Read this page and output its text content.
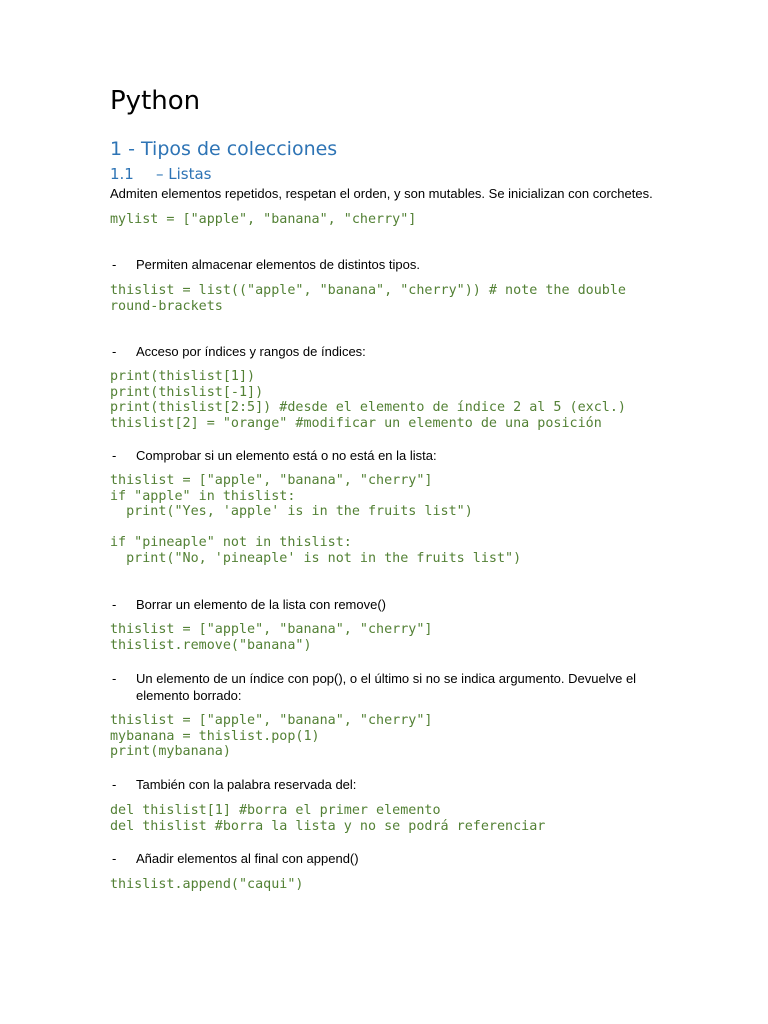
Python
1 - Tipos de colecciones
1.1 – Listas

Admiten elementos repetidos, respetan el orden, y son mutables. Se inicializan con corchetes.

mylist = ["apple", "banana", "cherry"]
- Permiten almacenar elementos de distintos tipos.
thislist = list(("apple", "banana", "cherry")) # note the double
round-brackets
- Acceso por índices y rangos de índices:
print(thislist[1])
print(thislist[-1])
print(thislist[2:5]) #desde el elemento de índice 2 al 5 (excl.)
thislist[2] = "orange" #modificar un elemento de una posición
- Comprobar si un elemento está o no está en la lista:
thislist = ["apple", "banana", "cherry"]
if "apple" in thislist:
print("Yes, 'apple' is in the fruits list")

if "pineaple" not in thislist:
print("No, 'pineaple' is not in the fruits list")
- Borrar un elemento de la lista con remove()
thislist = ["apple", "banana", "cherry"]
thislist.remove("banana")
- Un elemento de un índice con pop(), o el último si no se indica argumento. Devuelve el elemento borrado:
thislist = ["apple", "banana", "cherry"]
mybanana = thislist.pop(1)
print(mybanana)
- También con la palabra reservada del:
del thislist[1] #borra el primer elemento
del thislist #borra la lista y no se podrá referenciar
- Añadir elementos al final con append()
thislist.append("caqui")
